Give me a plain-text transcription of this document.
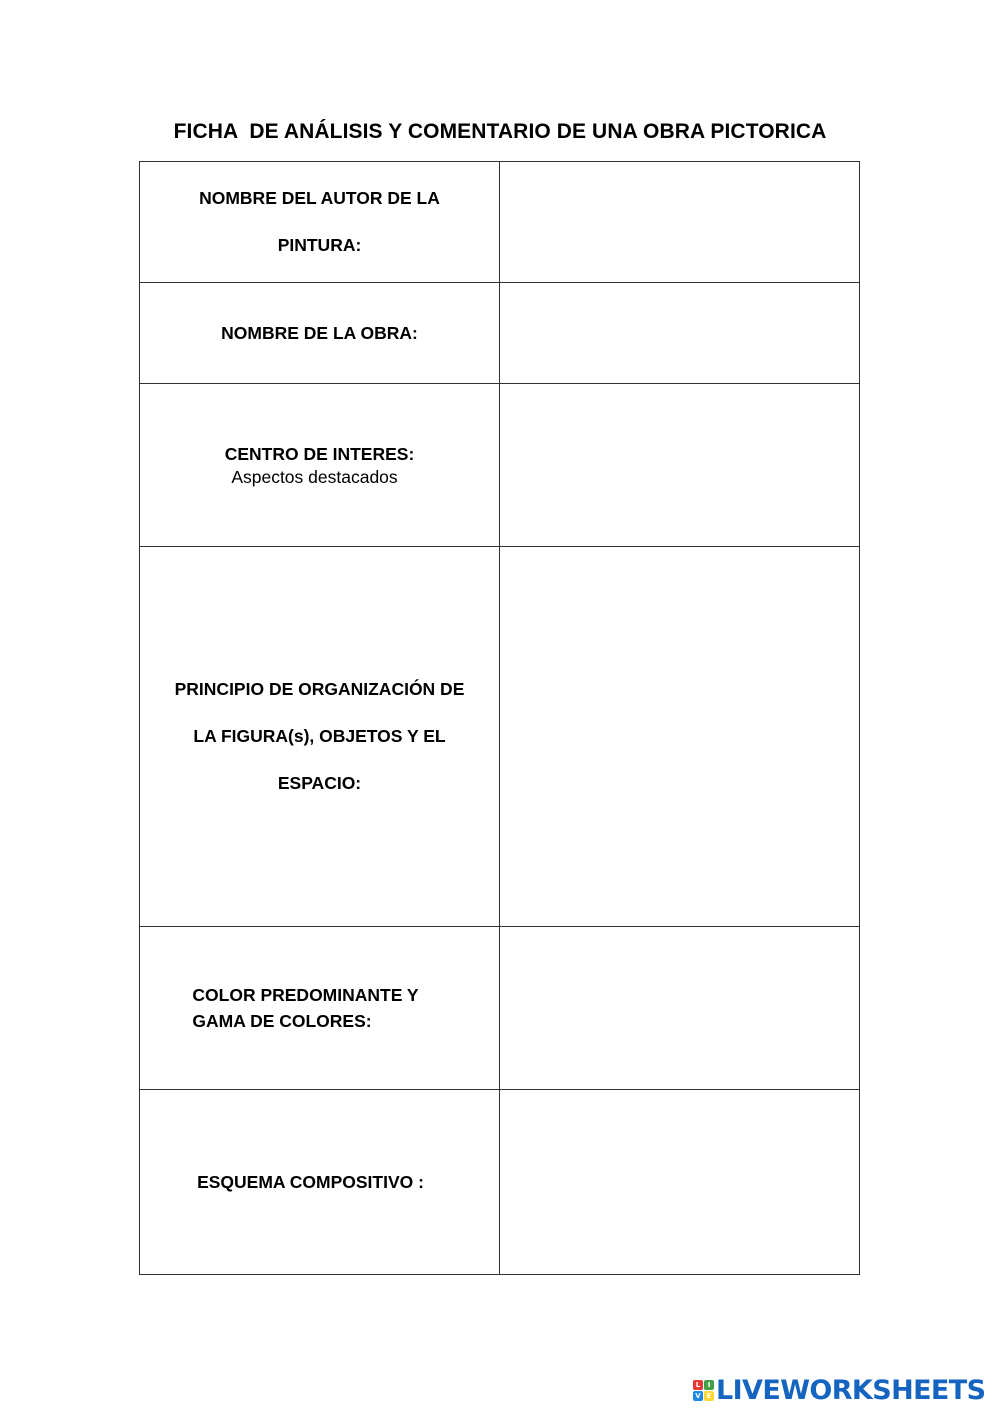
FICHA  DE ANÁLISIS Y COMENTARIO DE UNA OBRA PICTORICA
NOMBRE DEL AUTOR DE LA
PINTURA:	

NOMBRE DE LA OBRA:	

CENTRO DE INTERES:
Aspectos destacados

PRINCIPIO DE ORGANIZACIÓN DE
LA FIGURA(s), OBJETOS Y EL
ESPACIO:	

COLOR PREDOMINANTE Y
GAMA DE COLORES:	

ESQUEMA COMPOSITIVO :	
L	I
V E LIVEWORKSHEETS
